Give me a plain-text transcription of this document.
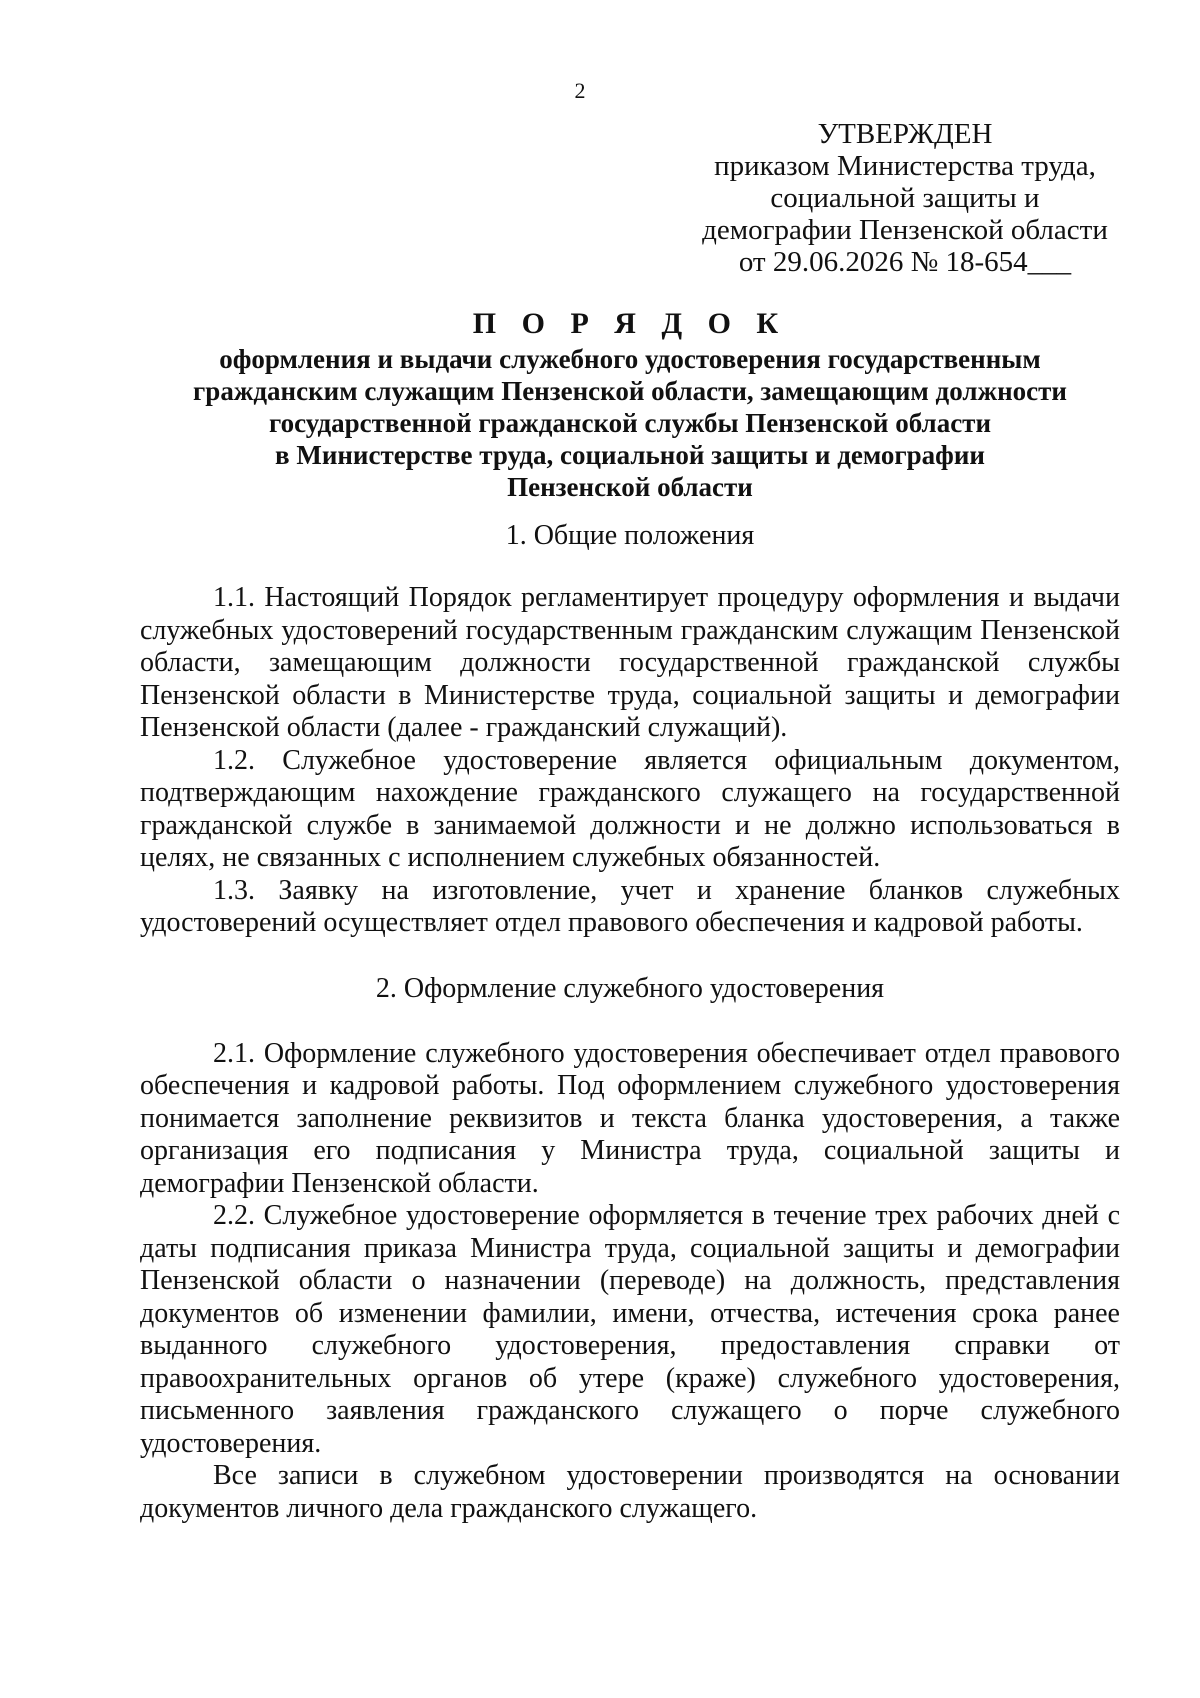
2
УТВЕРЖДЕН
приказом Министерства труда,
социальной защиты и
демографии Пензенской области
от 29.06.2026 № 18-654___
П О Р Я Д О К
оформления и выдачи служебного удостоверения государственным
гражданским служащим Пензенской области, замещающим должности
государственной гражданской службы Пензенской области
в Министерстве труда, социальной защиты и демографии
Пензенской области
1. Общие положения

1.1. Настоящий Порядок регламентирует процедуру оформления и выдачи служебных удостоверений государственным гражданским служащим Пензенской области, замещающим должности государственной гражданской службы Пензенской области в Министерстве труда, социальной защиты и демографии Пензенской области (далее - гражданский служащий).

1.2. Служебное удостоверение является официальным документом, подтверждающим нахождение гражданского служащего на государственной гражданской службе в занимаемой должности и не должно использоваться в целях, не связанных с исполнением служебных обязанностей.

1.3. Заявку на изготовление, учет и хранение бланков служебных удостоверений осуществляет отдел правового обеспечения и кадровой работы.

2. Оформление служебного удостоверения

2.1. Оформление служебного удостоверения обеспечивает отдел правового обеспечения и кадровой работы. Под оформлением служебного удостоверения понимается заполнение реквизитов и текста бланка удостоверения, а также организация его подписания у Министра труда, социальной защиты и демографии Пензенской области.

2.2. Служебное удостоверение оформляется в течение трех рабочих дней с даты подписания приказа Министра труда, социальной защиты и демографии Пензенской области о назначении (переводе) на должность, представления документов об изменении фамилии, имени, отчества, истечения срока ранее выданного служебного удостоверения, предоставления справки от правоохранительных органов об утере (краже) служебного удостоверения, письменного заявления гражданского служащего о порче служебного удостоверения.

Все записи в служебном удостоверении производятся на основании документов личного дела гражданского служащего.
